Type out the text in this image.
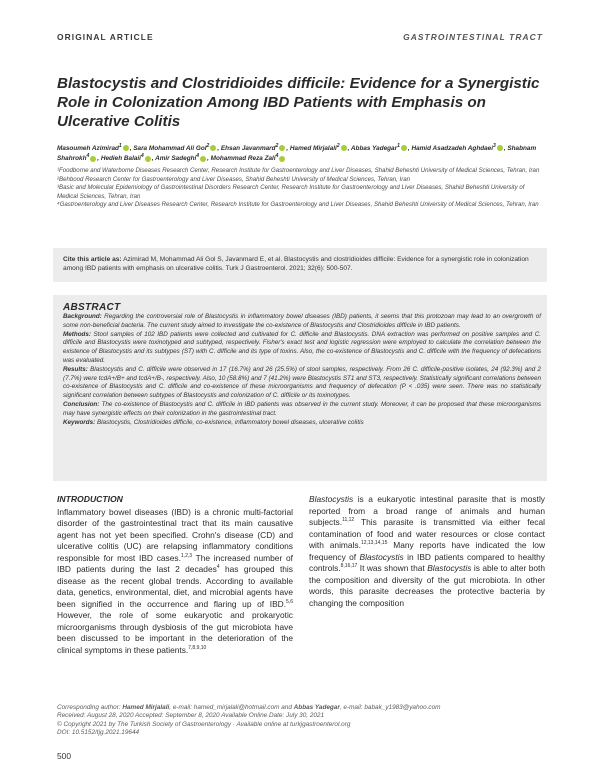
ORIGINAL ARTICLE	GASTROINTESTINAL TRACT
Blastocystis and Clostridioides difficile: Evidence for a Synergistic Role in Colonization Among IBD Patients with Emphasis on Ulcerative Colitis
Masoumeh Azimirad$^1$ , Sara Mohammad Ali Gol$^2$ , Ehsan Javanmard$^2$ , Hamed Mirjalali$^2$ , Abbas Yadegar$^1$ , Hamid Asadzadeh Aghdaei$^3$ , Shabnam Shahrokh$^4$ , Hedieh Balaii$^4$ , Amir Sadeghi$^4$ , Mohammad Reza Zali$^4$

¹Foodborne and Waterborne Diseases Research Center, Research Institute for Gastroenterology and Liver Diseases, Shahid Beheshti University of Medical Sciences, Tehran, Iran

²Behbood Research Center for Gastroenterology and Liver Diseases, Shahid Beheshti University of Medical Sciences, Tehran, Iran

³Basic and Molecular Epidemiology of Gastrointestinal Disorders Research Center, Research Institute for Gastroenterology and Liver Diseases, Shahid Beheshti University of Medical Sciences, Tehran, Iran

⁴Gastroenterology and Liver Diseases Research Center, Research Institute for Gastroenterology and Liver Diseases, Shahid Beheshti University of Medical Sciences, Tehran, Iran

Cite this article as: Azimirad M, Mohammad Ali Gol S, Javanmard E, et al. Blastocystis and clostridioides difficile: Evidence for a synergistic role in colonization among IBD patients with emphasis on ulcerative colitis. Turk J Gastroenterol. 2021; 32(6): 500-507.
ABSTRACT

Background: Regarding the controversial role of Blastocystis in inflammatory bowel diseases (IBD) patients, it seems that this protozoan may lead to an overgrowth of some non-beneficial bacteria. The current study aimed to investigate the co-existence of Blastocystis and Clostridioides difficile in IBD patients.

Methods: Stool samples of 102 IBD patients were collected and cultivated for C. difficile and Blastocystis. DNA extraction was performed on positive samples and C. difficile and Blastocystis were toxinotyped and subtyped, respectively. Fisher's exact test and logistic regression were employed to calculate the correlation between the existence of Blastocystis and its subtypes (ST) with C. difficile and its type of toxins. Also, the co-existence of Blastocystis and C. difficile with the frequency of defecations was evaluated.

Results: Blastocystis and C. difficile were observed in 17 (16.7%) and 26 (25.5%) of stool samples, respectively. From 26 C. difficile-positive isolates, 24 (92.3%) and 2 (7.7%) were tcdA+/B+ and tcdA+/B-, respectively. Also, 10 (58.8%) and 7 (41.2%) were Blastocystis ST1 and ST3, respectively. Statistically significant correlations between co-existence of Blastocystis and C. difficile and co-existence of these microorganisms and frequency of defecation (P < .035) were seen. There was no statistically significant correlation between subtypes of Blastocystis and colonization of C. difficile or its toxinotypes.

Conclusion: The co-existence of Blastocystis and C. difficile in IBD patients was observed in the current study. Moreover, it can be proposed that these microorganisms may have synergistic effects on their colonization in the gastrointestinal tract.

Keywords: Blastocystis, Clostridioides difficile, co-existence, inflammatory bowel diseases, ulcerative colitis

INTRODUCTION

Inflammatory bowel diseases (IBD) is a chronic multi-factorial disorder of the gastrointestinal tract that its main causative agent has not yet been specified. Crohn's disease (CD) and ulcerative colitis (UC) are relapsing inflammatory conditions responsible for most IBD cases.$^{1,2,3}$ The increased number of IBD patients during the last 2 decades$^4$ has grouped this disease as the recent global trends. According to available data, genetics, environmental, diet, and microbial agents have been signified in the occurrence and flaring up of IBD.$^{5,6}$ However, the role of some eukaryotic and prokaryotic microorganisms through dysbiosis of the gut microbiota have been discussed to be important in the deterioration of the clinical symptoms in these patients.$^{7,8,9,10}$

Blastocystis is a eukaryotic intestinal parasite that is mostly reported from a broad range of animals and human subjects.$^{11,12}$ This parasite is transmitted via either fecal contamination of food and water resources or close contact with animals.$^{12,13,14,15}$ Many reports have indicated the low frequency of Blastocystis in IBD patients compared to healthy controls.$^{8,16,17}$ It was shown that Blastocystis is able to alter both the composition and diversity of the gut microbiota. In other words, this parasite decreases the protective bacteria by changing the composition

Corresponding author: Hamed Mirjalali, e-mail: hamed_mirjalali@hotmail.com and Abbas Yadegar, e-mail: babak_y1983@yahoo.com

Received: August 28, 2020 Accepted: September 8, 2020 Available Online Date: July 30, 2021

© Copyright 2021 by The Turkish Society of Gastroenterology · Available online at turkjgastroenterol.org

DOI: 10.5152/tjg.2021.19644

500
